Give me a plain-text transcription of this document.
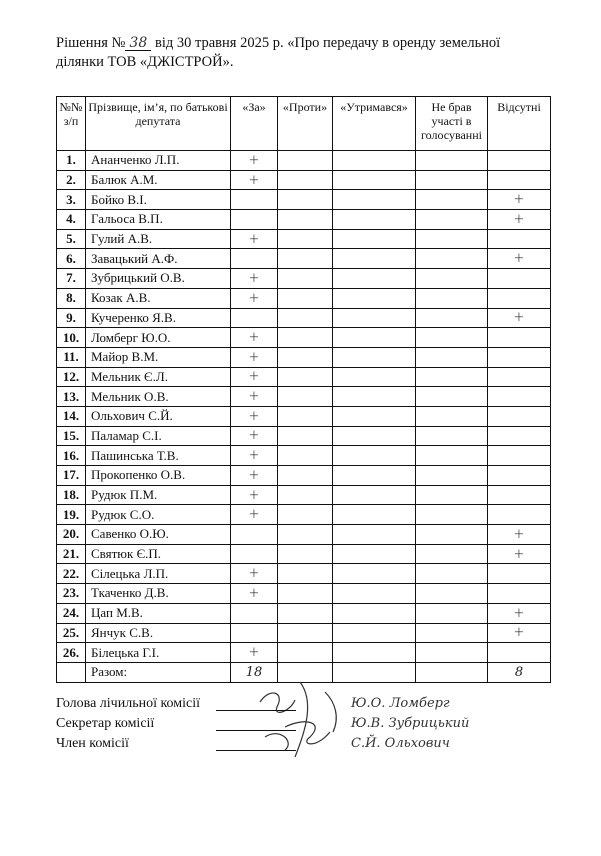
Рішення № 38 від 30 травня 2025 р. «Про передачу в оренду земельної
ділянки ТОВ «ДЖІСТРОЙ».
№№ з/п	Прізвище, ім’я, по батькові депутата	«За»	«Проти»	«Утримався»	Не брав участі в голосуванні	Відсутні
1.	Ананченко Л.П.	+				
2.	Балюк А.М.	+				
3.	Бойко В.І.					+
4.	Гальоса В.П.					+
5.	Гулий А.В.	+				
6.	Завацький А.Ф.					+
7.	Зубрицький О.В.	+				
8.	Козак А.В.	+				
9.	Кучеренко Я.В.					+
10.	Ломберг Ю.О.	+				
11.	Майор В.М.	+				
12.	Мельник Є.Л.	+				
13.	Мельник О.В.	+				
14.	Ольхович С.Й.	+				
15.	Паламар С.І.	+				
16.	Пашинська Т.В.	+				
17.	Прокопенко О.В.	+				
18.	Рудюк П.М.	+				
19.	Рудюк С.О.	+				
20.	Савенко О.Ю.					+
21.	Святюк Є.П.					+
22.	Сілецька Л.П.	+				
23.	Ткаченко Д.В.	+				
24.	Цап М.В.					+
25.	Янчук С.В.					+
26.	Білецька Г.І.	+				
	Разом:	18				8
Голова лічильної комісії	Ю.О. Ломберг
Секретар комісії	Ю.В. Зубрицький
Член комісії	С.Й. Ольхович
